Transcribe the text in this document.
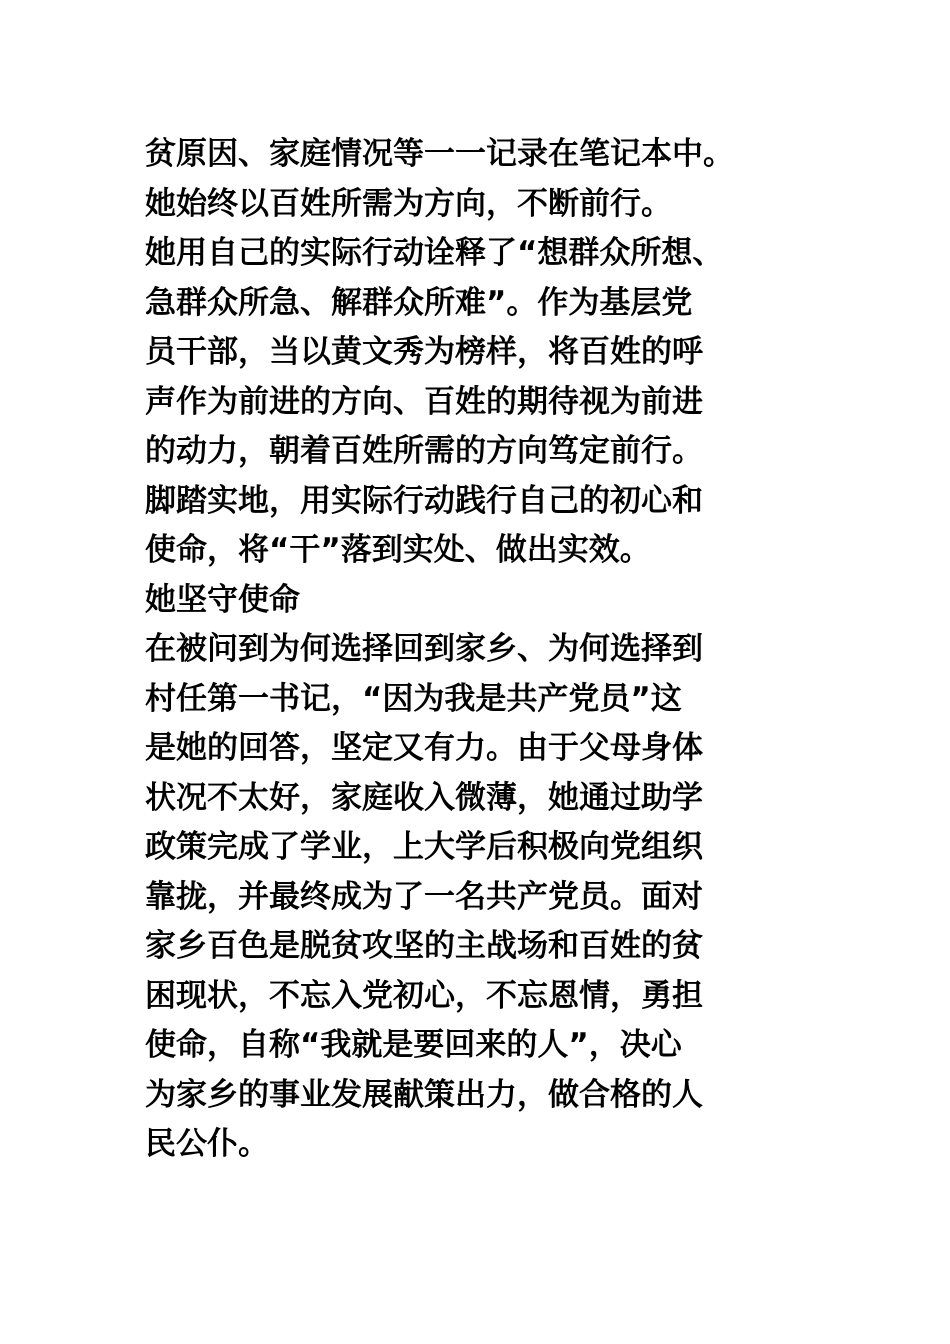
贫原因、家庭情况等一一记录在笔记本中。
她始终以百姓所需为方向，不断前行。
她用自己的实际行动诠释了“想群众所想、
急群众所急、解群众所难”。作为基层党
员干部，当以黄文秀为榜样，将百姓的呼
声作为前进的方向、百姓的期待视为前进
的动力，朝着百姓所需的方向笃定前行。
脚踏实地，用实际行动践行自己的初心和
使命，将“干”落到实处、做出实效。
她坚守使命
在被问到为何选择回到家乡、为何选择到
村任第一书记，“因为我是共产党员”这
是她的回答，坚定又有力。由于父母身体
状况不太好，家庭收入微薄，她通过助学
政策完成了学业，上大学后积极向党组织
靠拢，并最终成为了一名共产党员。面对
家乡百色是脱贫攻坚的主战场和百姓的贫
困现状，不忘入党初心，不忘恩情，勇担
使命，自称“我就是要回来的人”，决心
为家乡的事业发展献策出力，做合格的人
民公仆。
